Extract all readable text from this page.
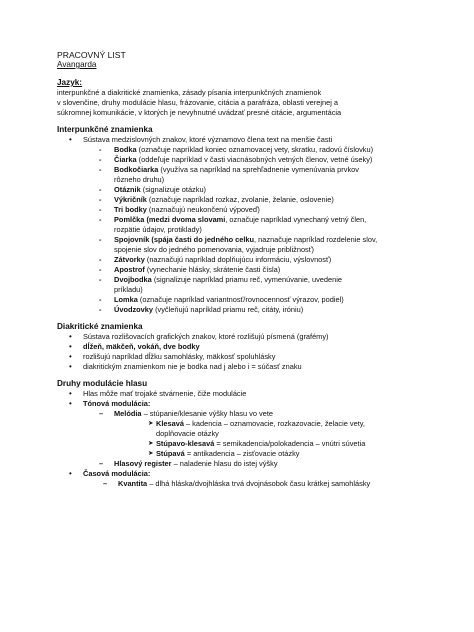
PRACOVNÝ LIST
Avangarda
Jazyk:
interpunkčné a diakritické znamienka, zásady písania interpunkčných znamienok
v slovenčine, druhy modulácie hlasu, frázovanie, citácia a parafráza, oblasti verejnej a
súkromnej komunikácie, v ktorých je nevyhnutné uvádzať presné citácie, argumentácia
Interpunkčné znamienka
• Sústava medzislovných znakov, ktoré významovo člena text na menšie časti
- Bodka (označuje napríklad koniec oznamovacej vety, skratku, radovú číslovku)
- Čiarka (oddeľuje napríklad v časti viacnásobných vetných členov, vetné úseky)
- Bodkočiarka (využíva sa napríklad na sprehľadnenie vymenúvania prvkov
rôzneho druhu)
- Otáznik (signalizuje otázku)
- Výkričník (označuje napríklad rozkaz, zvolanie, želanie, oslovenie)
- Tri bodky (naznačujú neukončenú výpoveď)
- Pomlčka (medzi dvoma slovami, označuje napríklad vynechaný vetný člen,
rozpätie údajov, protiklady)
- Spojovník (spája časti do jedného celku, naznačuje napríklad rozdelenie slov,
spojenie slov do jedného pomenovania, vyjadruje približnosť)
- Zátvorky (naznačujú napríklad doplňujúcu informáciu, výslovnosť)
- Apostrof (vynechanie hlásky, skrátenie časti čísla)
- Dvojbodka (signalizuje napríklad priamu reč, vymenúvanie, uvedenie
príkladu)
- Lomka (označuje napríklad variantnosť/rovnocennosť výrazov, podiel)
- Úvodzovky (vyčleňujú napríklad priamu reč, citáty, iróniu)
Diakritické znamienka
• Sústava rozlišovacích grafických znakov, ktoré rozlišujú písmená (grafémy)
• dĺžeň, mäkčeň, vokáň, dve bodky
• rozlišujú napríklad dĺžku samohlásky, mäkkosť spoluhlásky
• diakritickým znamienkom nie je bodka nad j alebo i = súčasť znaku
Druhy modulácie hlasu
• Hlas môže mať trojaké stvárnenie, čiže modulácie
• Tónová modulácia:
– Melódia – stúpanie/klesanie výšky hlasu vo vete
➤ Klesavá – kadencia – oznamovacie, rozkazovacie, želacie vety,
doplňovacie otázky
➤ Stúpavo-klesavá = semikadencia/polokadencia – vnútri súvetia
➤ Stúpavá = antikadencia – zisťovacie otázky
– Hlasový register – naladenie hlasu do istej výšky
• Časová modulácia:
– Kvantita – dlhá hláska/dvojhláska trvá dvojnásobok času krátkej samohlásky
